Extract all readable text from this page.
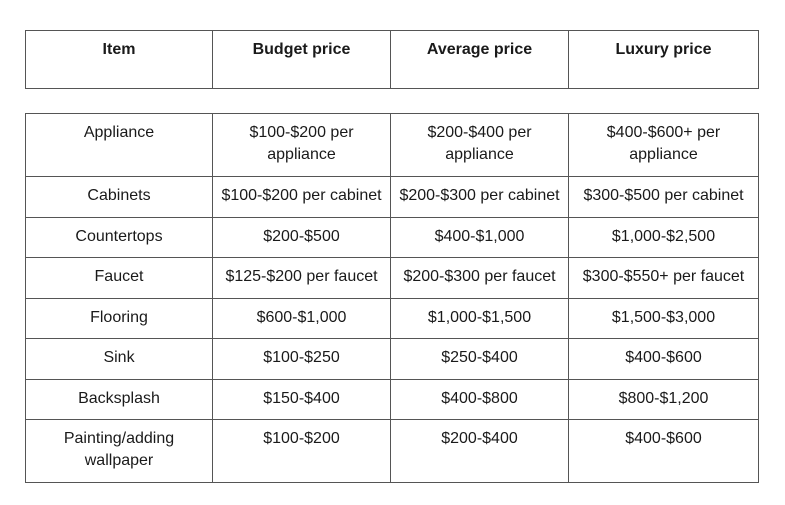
Item	Budget price	Average price	Luxury price
Appliance	$100-$200 per appliance	$200-$400 per appliance	$400-$600+ per appliance
Cabinets	$100-$200 per cabinet	$200-$300 per cabinet	$300-$500 per cabinet
Countertops	$200-$500	$400-$1,000	$1,000-$2,500
Faucet	$125-$200 per faucet	$200-$300 per faucet	$300-$550+ per faucet
Flooring	$600-$1,000	$1,000-$1,500	$1,500-$3,000
Sink	$100-$250	$250-$400	$400-$600
Backsplash	$150-$400	$400-$800	$800-$1,200
Painting/adding wallpaper	$100-$200	$200-$400	$400-$600
